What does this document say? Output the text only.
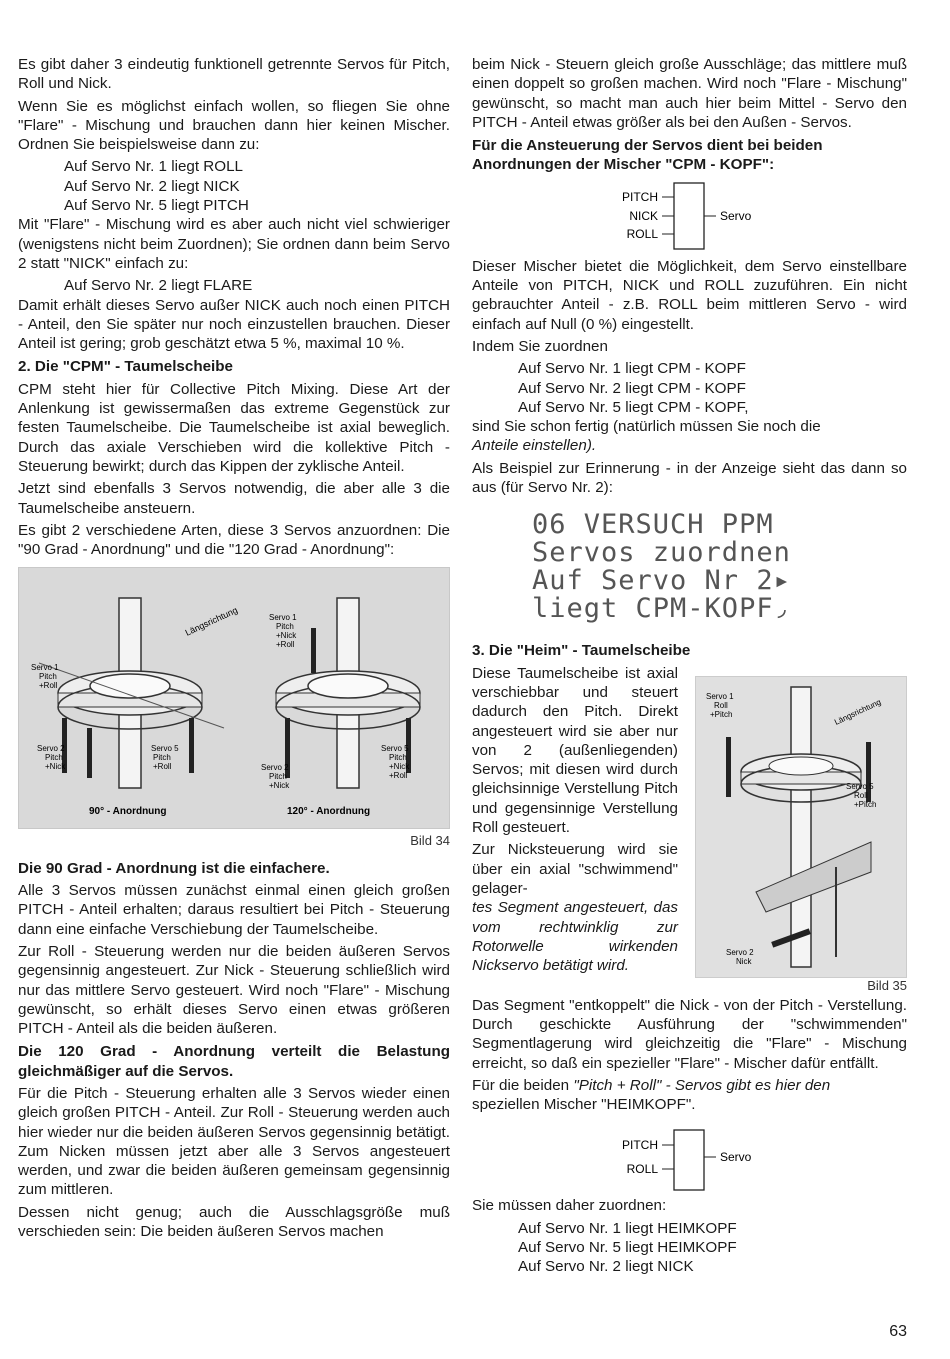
Es gibt daher 3 eindeutig funktionell getrennte Servos für Pitch, Roll und Nick.

Wenn Sie es möglichst einfach wollen, so fliegen Sie ohne "Flare" - Mischung und brauchen dann hier keinen Mischer. Ordnen Sie beispielsweise dann zu:

Auf Servo Nr. 1 liegt ROLL
Auf Servo Nr. 2 liegt NICK
Auf Servo Nr. 5 liegt PITCH

Mit "Flare" - Mischung wird es aber auch nicht viel schwieriger (wenigstens nicht beim Zuordnen); Sie ordnen dann beim Servo 2 statt "NICK" einfach zu:

Auf Servo Nr. 2 liegt FLARE

Damit erhält dieses Servo außer NICK auch noch einen PITCH - Anteil, den Sie später nur noch einzustellen brauchen. Dieser Anteil ist gering; grob geschätzt etwa 5 %, maximal 10 %.

2. Die "CPM" - Taumelscheibe

CPM steht hier für Collective Pitch Mixing. Diese Art der Anlenkung ist gewissermaßen das extreme Gegenstück zur festen Taumelscheibe. Die Taumelscheibe ist axial beweglich. Durch das axiale Verschieben wird die kollektive Pitch - Steuerung bewirkt; durch das Kippen der zyklische Anteil.

Jetzt sind ebenfalls 3 Servos notwendig, die aber alle 3 die Taumelscheibe ansteuern.

Es gibt 2 verschiedene Arten, diese 3 Servos anzuordnen: Die "90 Grad - Anordnung" und die "120 Grad - Anordnung":

Längsrichtung
Servo 1
Pitch
+Roll
Servo 2
Pitch
+Nick
Servo 5
Pitch
+Roll
Servo 1
Pitch
+Nick
+Roll
Servo 2
Pitch
+Nick
Servo 5
Pitch
+Nick
+Roll
90° - Anordnung	120° - Anordnung
Bild 34

Die 90 Grad - Anordnung ist die einfachere.

Alle 3 Servos müssen zunächst einmal einen gleich großen PITCH - Anteil erhalten; daraus resultiert bei Pitch - Steuerung dann eine einfache Verschiebung der Taumelscheibe.

Zur Roll - Steuerung werden nur die beiden äußeren Servos gegensinnig angesteuert. Zur Nick - Steuerung schließlich wird nur das mittlere Servo gesteuert. Wird noch "Flare" - Mischung gewünscht, so erhält dieses Servo einen etwas größeren PITCH - Anteil als die beiden äußeren.

Die 120 Grad - Anordnung verteilt die Belastung gleichmäßiger auf die Servos.

Für die Pitch - Steuerung erhalten alle 3 Servos wieder einen gleich großen PITCH - Anteil. Zur Roll - Steuerung werden auch hier wieder nur die beiden äußeren Servos gegensinnig betätigt. Zum Nicken müssen jetzt aber alle 3 Servos angesteuert werden, und zwar die beiden äußeren gemeinsam gegensinnig zum mittleren.

Dessen nicht genug; auch die Ausschlagsgröße muß verschieden sein: Die beiden äußeren Servos machen

beim Nick - Steuern gleich große Ausschläge; das mittlere muß einen doppelt so großen machen. Wird noch "Flare - Mischung" gewünscht, so macht man auch hier beim Mittel - Servo den PITCH - Anteil etwas größer als bei den Außen - Servos.

Für die Ansteuerung der Servos dient bei beiden Anordnungen der Mischer "CPM - KOPF":

PITCH
NICK
ROLL
Servo

Dieser Mischer bietet die Möglichkeit, dem Servo einstellbare Anteile von PITCH, NICK und ROLL zuzuführen. Ein nicht gebrauchter Anteil - z.B. ROLL beim mittleren Servo - wird einfach auf Null (0 %) eingestellt.

Indem Sie zuordnen

Auf Servo Nr. 1 liegt CPM - KOPF
Auf Servo Nr. 2 liegt CPM - KOPF
Auf Servo Nr. 5 liegt CPM - KOPF,

sind Sie schon fertig (natürlich müssen Sie noch die

Anteile einstellen).

Als Beispiel zur Erinnerung - in der Anzeige sieht das dann so aus (für Servo Nr. 2):

06 VERSUCH PPM
Servos zuordnen
Auf Servo Nr 2▸
liegt CPM-KOPF◞

3. Die "Heim" - Taumelscheibe

Diese Taumelscheibe ist axial verschiebbar und steuert dadurch den Pitch. Direkt angesteuert wird sie aber nur von 2 (außenliegenden) Servos; mit diesen wird durch gleichsinnige Verstellung Pitch und gegensinnige Verstellung Roll gesteuert.

Zur Nicksteuerung wird sie über ein axial "schwimmend" gelager-

tes Segment angesteuert, das vom rechtwinklig zur Rotorwelle wirkenden Nickservo betätigt wird.

Servo 1
Roll
+Pitch
Servo 5
Roll
+Pitch
Servo 2
Nick
Längsrichtung
Bild 35

Das Segment "entkoppelt" die Nick - von der Pitch - Verstellung. Durch geschickte Ausführung der "schwimmenden" Segmentlagerung wird gleichzeitig die "Flare" - Mischung erreicht, so daß ein spezieller "Flare" - Mischer dafür entfällt.

Für die beiden "Pitch + Roll" - Servos gibt es hier den

speziellen Mischer "HEIMKOPF".

PITCH
ROLL
Servo

Sie müssen daher zuordnen:

Auf Servo Nr. 1 liegt HEIMKOPF
Auf Servo Nr. 5 liegt HEIMKOPF
Auf Servo Nr. 2 liegt NICK
63
